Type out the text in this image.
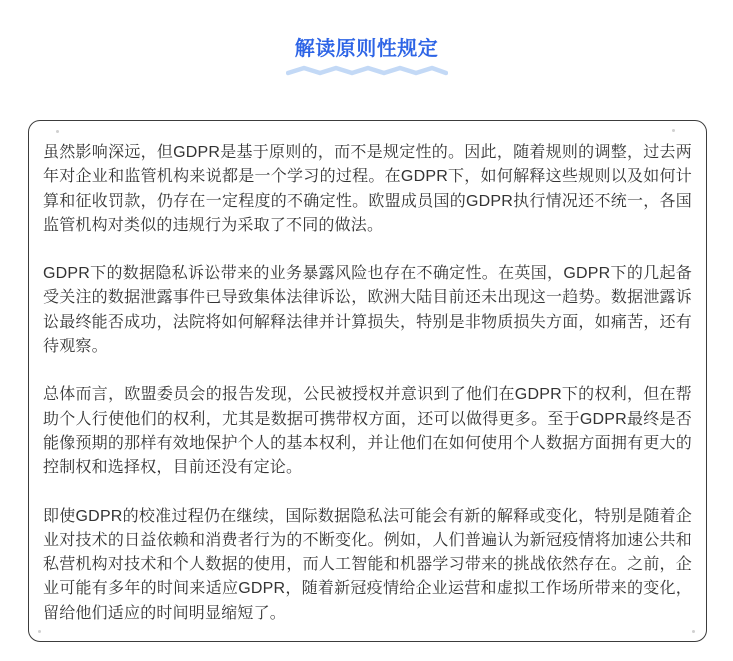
解读原则性规定

虽然影响深远，但GDPR是基于原则的，而不是规定性的。因此，随着规则的调整，过去两年对企业和监管机构来说都是一个学习的过程。在GDPR下，如何解释这些规则以及如何计算和征收罚款，仍存在一定程度的不确定性。欧盟成员国的GDPR执行情况还不统一，各国监管机构对类似的违规行为采取了不同的做法。

GDPR下的数据隐私诉讼带来的业务暴露风险也存在不确定性。在英国，GDPR下的几起备受关注的数据泄露事件已导致集体法律诉讼，欧洲大陆目前还未出现这一趋势。数据泄露诉讼最终能否成功，法院将如何解释法律并计算损失，特别是非物质损失方面，如痛苦，还有待观察。

总体而言，欧盟委员会的报告发现，公民被授权并意识到了他们在GDPR下的权利，但在帮助个人行使他们的权利，尤其是数据可携带权方面，还可以做得更多。至于GDPR最终是否能像预期的那样有效地保护个人的基本权利，并让他们在如何使用个人数据方面拥有更大的控制权和选择权，目前还没有定论。

即使GDPR的校准过程仍在继续，国际数据隐私法可能会有新的解释或变化，特别是随着企业对技术的日益依赖和消费者行为的不断变化。例如，人们普遍认为新冠疫情将加速公共和私营机构对技术和个人数据的使用，而人工智能和机器学习带来的挑战依然存在。之前，企业可能有多年的时间来适应GDPR，随着新冠疫情给企业运营和虚拟工作场所带来的变化，留给他们适应的时间明显缩短了。
